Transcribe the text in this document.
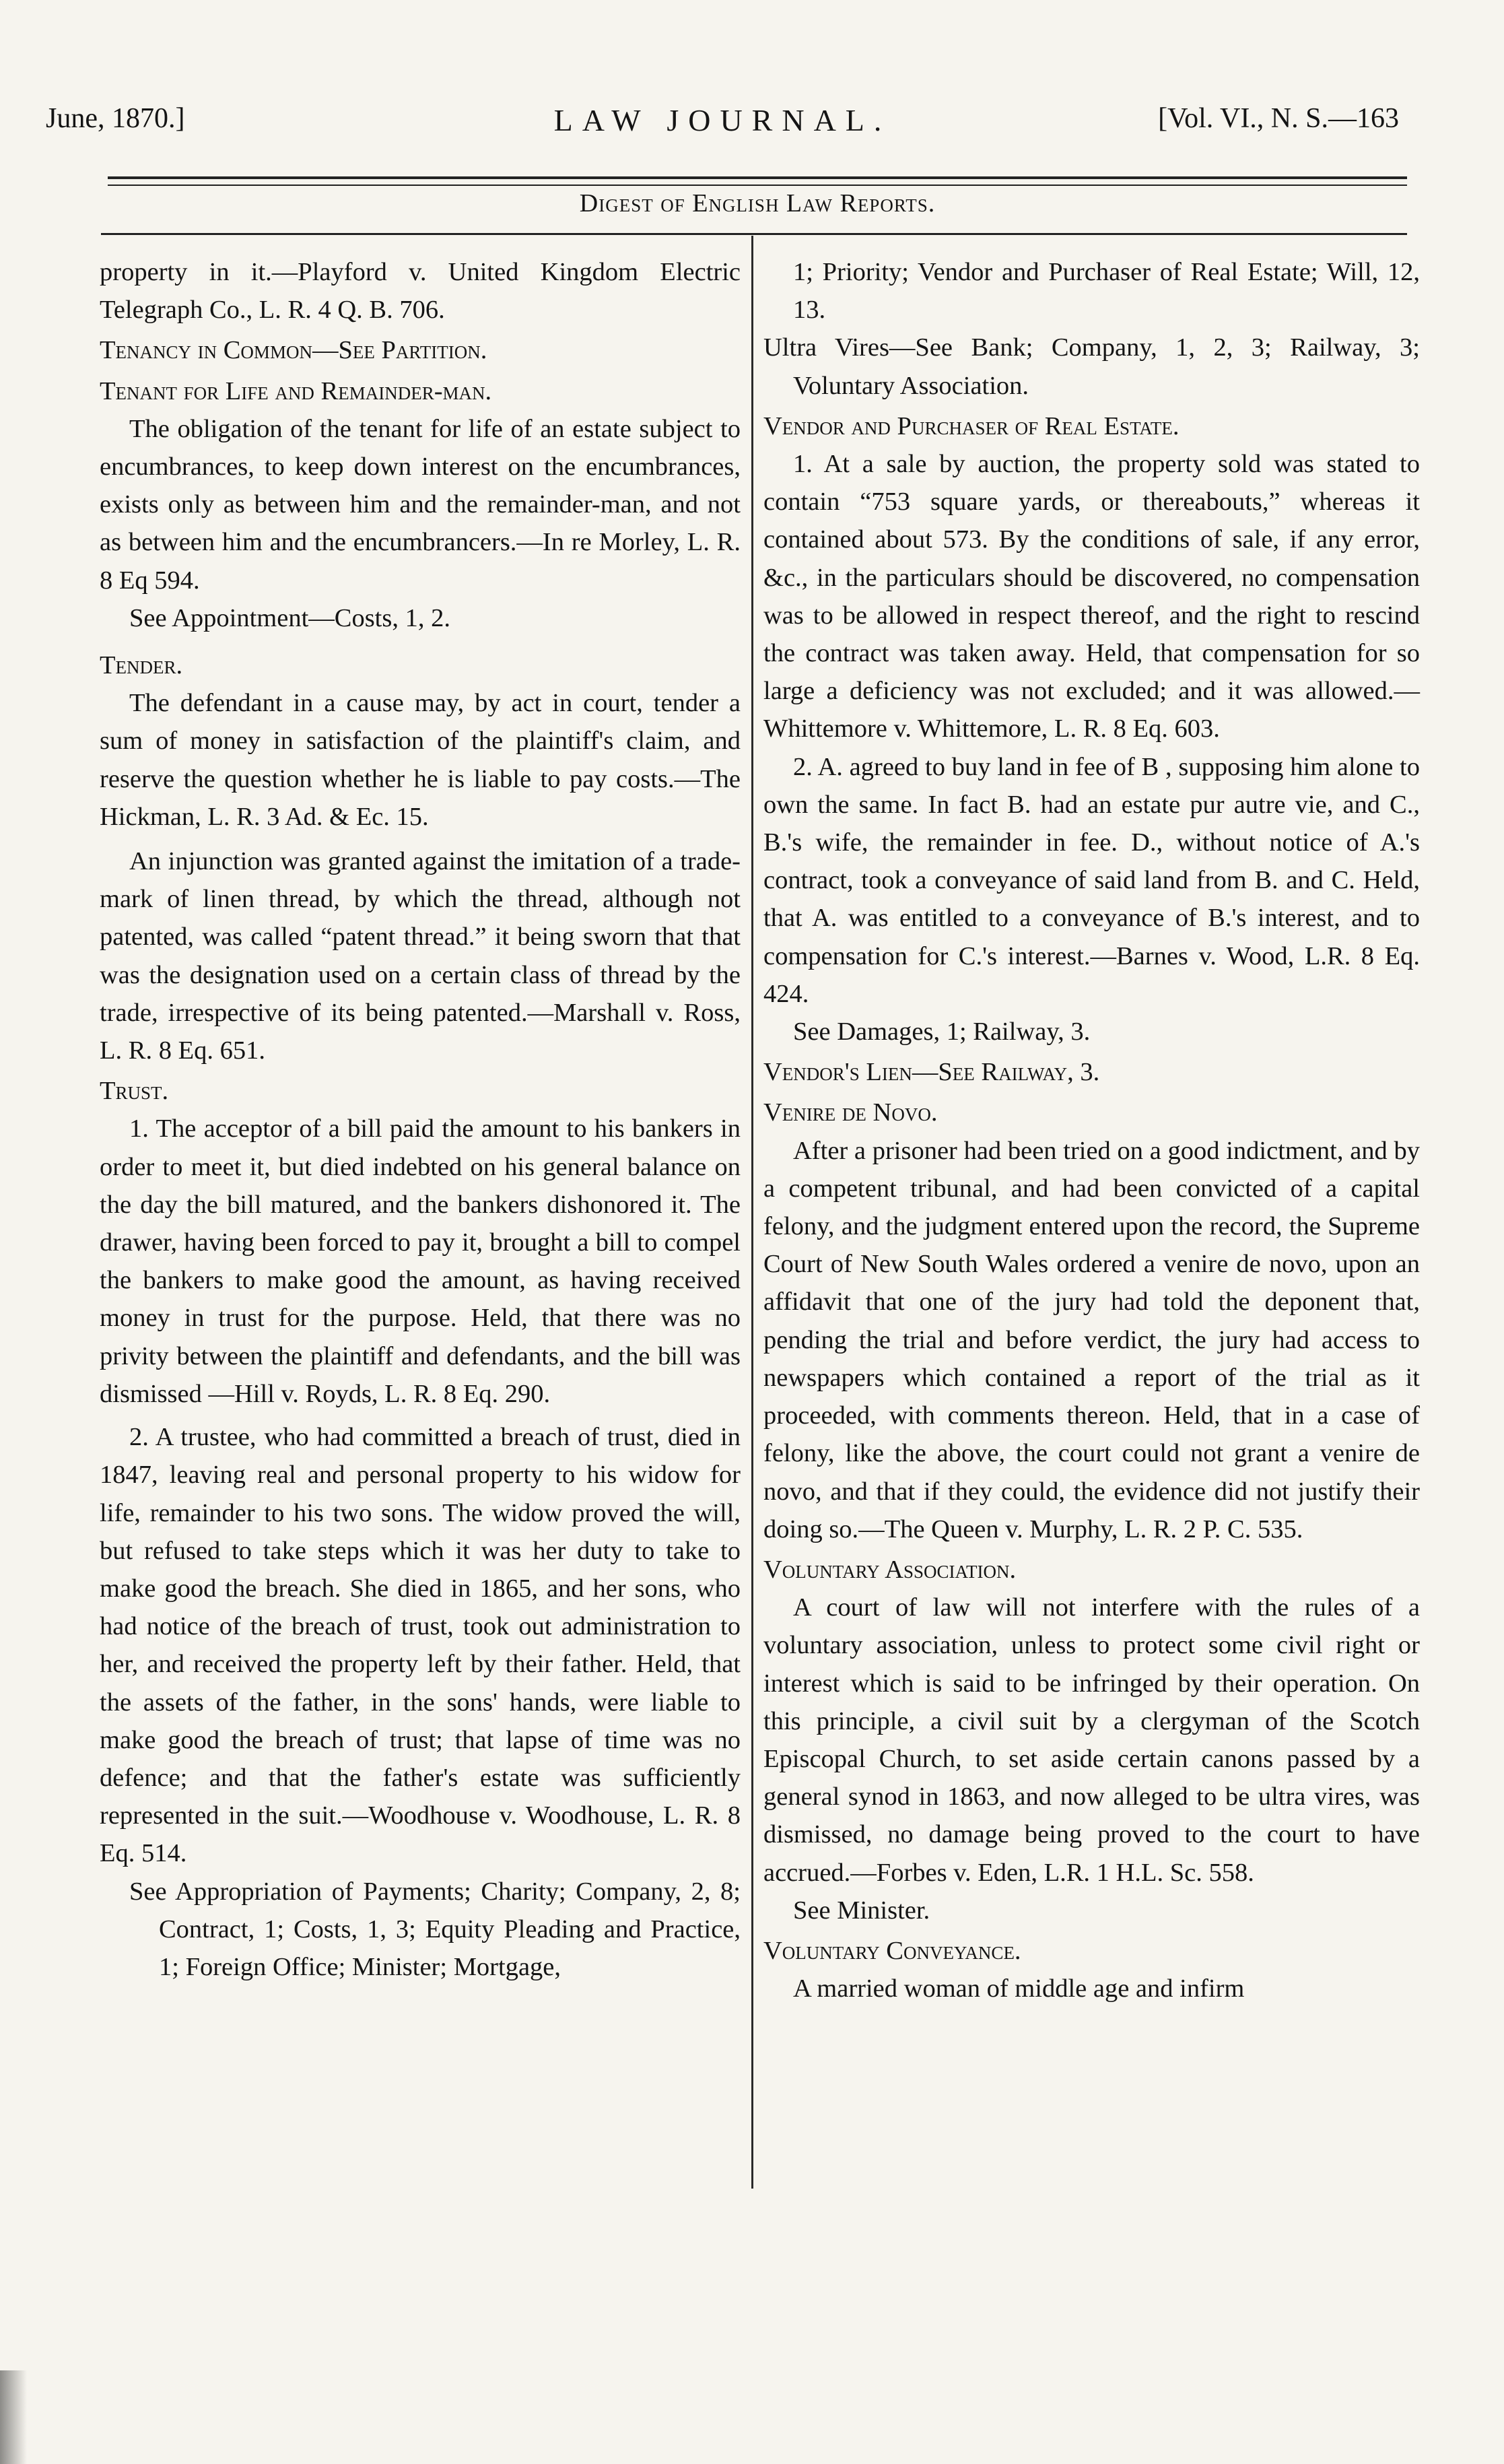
June, 1870.]	LAW JOURNAL.	[Vol. VI., N. S.—163
Digest of English Law Reports.

property in it.—Playford v. United Kingdom Electric Telegraph Co., L. R. 4 Q. B. 706.

Tenancy in Common—See Partition.

Tenant for Life and Remainder-man.

The obligation of the tenant for life of an estate subject to encumbrances, to keep down interest on the encumbrances, exists only as between him and the remainder-man, and not as between him and the encumbrancers.—In re Morley, L. R. 8 Eq 594.

See Appointment—Costs, 1, 2.

Tender.

The defendant in a cause may, by act in court, tender a sum of money in satisfaction of the plaintiff's claim, and reserve the question whether he is liable to pay costs.—The Hickman, L. R. 3 Ad. & Ec. 15.

An injunction was granted against the imitation of a trade-mark of linen thread, by which the thread, although not patented, was called “patent thread.” it being sworn that that was the designation used on a certain class of thread by the trade, irrespective of its being patented.—Marshall v. Ross, L. R. 8 Eq. 651.

Trust.

1. The acceptor of a bill paid the amount to his bankers in order to meet it, but died indebted on his general balance on the day the bill matured, and the bankers dishonored it. The drawer, having been forced to pay it, brought a bill to compel the bankers to make good the amount, as having received money in trust for the purpose. Held, that there was no privity between the plaintiff and defendants, and the bill was dismissed —Hill v. Royds, L. R. 8 Eq. 290.

2. A trustee, who had committed a breach of trust, died in 1847, leaving real and personal property to his widow for life, remainder to his two sons. The widow proved the will, but refused to take steps which it was her duty to take to make good the breach. She died in 1865, and her sons, who had notice of the breach of trust, took out administration to her, and received the property left by their father. Held, that the assets of the father, in the sons' hands, were liable to make good the breach of trust; that lapse of time was no defence; and that the father's estate was sufficiently represented in the suit.—Woodhouse v. Woodhouse, L. R. 8 Eq. 514.

See Appropriation of Payments; Charity; Company, 2, 8; Contract, 1; Costs, 1, 3; Equity Pleading and Practice, 1; Foreign Office; Minister; Mortgage,

1; Priority; Vendor and Purchaser of Real Estate; Will, 12, 13.

Ultra Vires—See Bank; Company, 1, 2, 3; Railway, 3; Voluntary Association.

Vendor and Purchaser of Real Estate.

1. At a sale by auction, the property sold was stated to contain “753 square yards, or thereabouts,” whereas it contained about 573. By the conditions of sale, if any error, &c., in the particulars should be discovered, no compensation was to be allowed in respect thereof, and the right to rescind the contract was taken away. Held, that compensation for so large a deficiency was not excluded; and it was allowed.—Whittemore v. Whittemore, L. R. 8 Eq. 603.

2. A. agreed to buy land in fee of B , supposing him alone to own the same. In fact B. had an estate pur autre vie, and C., B.'s wife, the remainder in fee. D., without notice of A.'s contract, took a conveyance of said land from B. and C. Held, that A. was entitled to a conveyance of B.'s interest, and to compensation for C.'s interest.—Barnes v. Wood, L.R. 8 Eq. 424.

See Damages, 1; Railway, 3.

Vendor's Lien—See Railway, 3.

Venire de Novo.

After a prisoner had been tried on a good indictment, and by a competent tribunal, and had been convicted of a capital felony, and the judgment entered upon the record, the Supreme Court of New South Wales ordered a venire de novo, upon an affidavit that one of the jury had told the deponent that, pending the trial and before verdict, the jury had access to newspapers which contained a report of the trial as it proceeded, with comments thereon. Held, that in a case of felony, like the above, the court could not grant a venire de novo, and that if they could, the evidence did not justify their doing so.—The Queen v. Murphy, L. R. 2 P. C. 535.

Voluntary Association.

A court of law will not interfere with the rules of a voluntary association, unless to protect some civil right or interest which is said to be infringed by their operation. On this principle, a civil suit by a clergyman of the Scotch Episcopal Church, to set aside certain canons passed by a general synod in 1863, and now alleged to be ultra vires, was dismissed, no damage being proved to the court to have accrued.—Forbes v. Eden, L.R. 1 H.L. Sc. 558.

See Minister.

Voluntary Conveyance.

A married woman of middle age and infirm
